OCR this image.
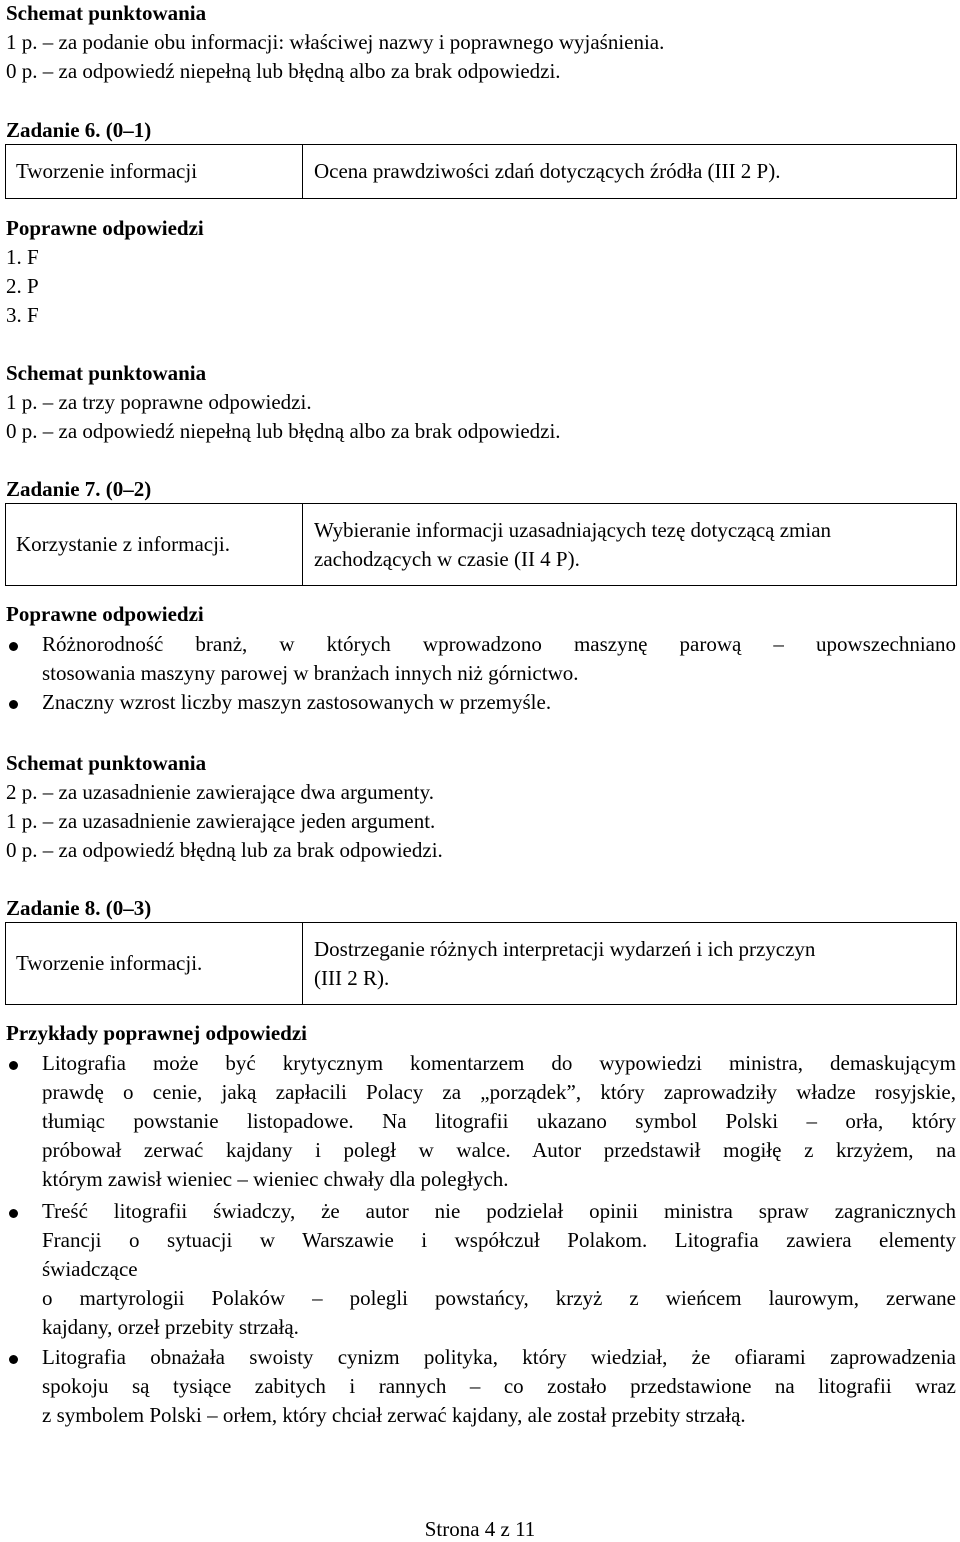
Schemat punktowania
1 p. – za podanie obu informacji: właściwej nazwy i poprawnego wyjaśnienia.
0 p. – za odpowiedź niepełną lub błędną albo za brak odpowiedzi.
Zadanie 6. (0–1)
Tworzenie informacji	Ocena prawdziwości zdań dotyczących źródła (III 2 P).
Poprawne odpowiedzi
1. F
2. P
3. F
Schemat punktowania
1 p. – za trzy poprawne odpowiedzi.
0 p. – za odpowiedź niepełną lub błędną albo za brak odpowiedzi.
Zadanie 7. (0–2)
Korzystanie z informacji.
Wybieranie informacji uzasadniających tezę dotyczącą zmian
zachodzących w czasie (II 4 P).
Poprawne odpowiedzi
Różnorodność branż, w których wprowadzono maszynę parową – upowszechniano
stosowania maszyny parowej w branżach innych niż górnictwo.
Znaczny wzrost liczby maszyn zastosowanych w przemyśle.
Schemat punktowania
2 p. – za uzasadnienie zawierające dwa argumenty.
1 p. – za uzasadnienie zawierające jeden argument.
0 p. – za odpowiedź błędną lub za brak odpowiedzi.
Zadanie 8. (0–3)
Tworzenie informacji.
Dostrzeganie różnych interpretacji wydarzeń i ich przyczyn
(III 2 R).
Przykłady poprawnej odpowiedzi
Litografia może być krytycznym komentarzem do wypowiedzi ministra, demaskującym
prawdę o cenie, jaką zapłacili Polacy za „porządek”, który zaprowadziły władze rosyjskie,
tłumiąc powstanie listopadowe. Na litografii ukazano symbol Polski – orła, który
próbował zerwać kajdany i poległ w walce. Autor przedstawił mogiłę z krzyżem, na
którym zawisł wieniec – wieniec chwały dla poległych.
Treść litografii świadczy, że autor nie podzielał opinii ministra spraw zagranicznych
Francji o sytuacji w Warszawie i współczuł Polakom. Litografia zawiera elementy
świadczące
o martyrologii Polaków – polegli powstańcy, krzyż z wieńcem laurowym, zerwane
kajdany, orzeł przebity strzałą.
Litografia obnażała swoisty cynizm polityka, który wiedział, że ofiarami zapro​wadzenia
spokoju są tysiące zabitych i rannych – co zostało przedstawione na litografii wraz
z symbolem Polski – orłem, który chciał zerwać kajdany, ale został przebity strzałą.
Strona 4 z 11
